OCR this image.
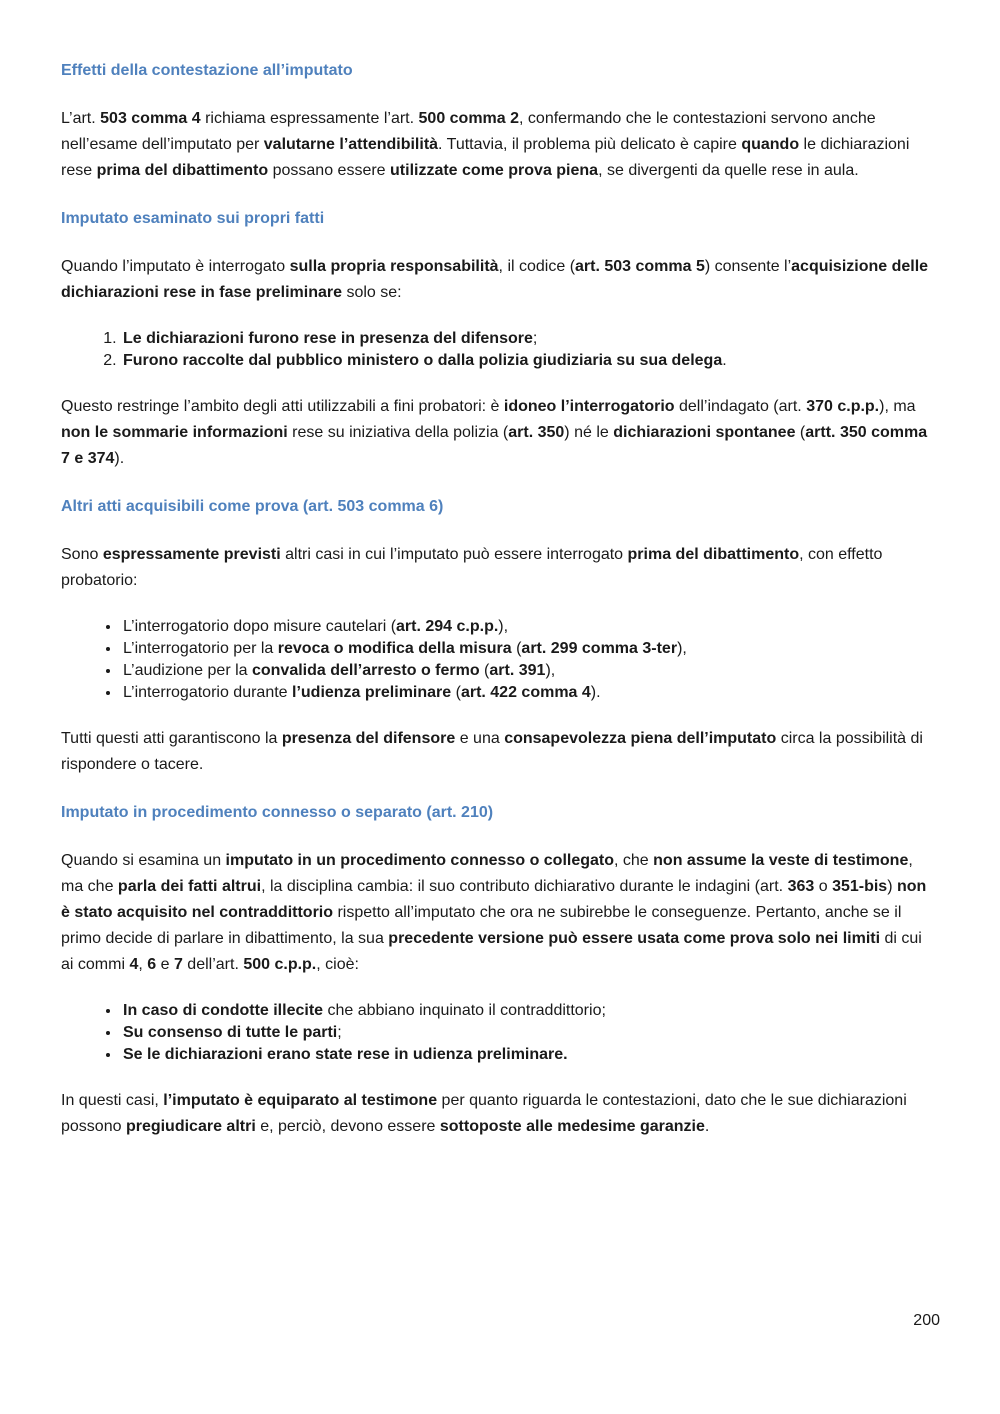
Effetti della contestazione all’imputato

L’art. 503 comma 4 richiama espressamente l’art. 500 comma 2, confermando che le contestazioni servono anche nell’esame dell’imputato per valutarne l’attendibilità. Tuttavia, il problema più delicato è capire quando le dichiarazioni rese prima del dibattimento possano essere utilizzate come prova piena, se divergenti da quelle rese in aula.

Imputato esaminato sui propri fatti

Quando l’imputato è interrogato sulla propria responsabilità, il codice (art. 503 comma 5) consente l’acquisizione delle dichiarazioni rese in fase preliminare solo se:

1. Le dichiarazioni furono rese in presenza del difensore;
2. Furono raccolte dal pubblico ministero o dalla polizia giudiziaria su sua delega.

Questo restringe l’ambito degli atti utilizzabili a fini probatori: è idoneo l’interrogatorio dell’indagato (art. 370 c.p.p.), ma non le sommarie informazioni rese su iniziativa della polizia (art. 350) né le dichiarazioni spontanee (artt. 350 comma 7 e 374).

Altri atti acquisibili come prova (art. 503 comma 6)

Sono espressamente previsti altri casi in cui l’imputato può essere interrogato prima del dibattimento, con effetto probatorio:

• L’interrogatorio dopo misure cautelari (art. 294 c.p.p.),
• L’interrogatorio per la revoca o modifica della misura (art. 299 comma 3-ter),
• L’audizione per la convalida dell’arresto o fermo (art. 391),
• L’interrogatorio durante l’udienza preliminare (art. 422 comma 4).

Tutti questi atti garantiscono la presenza del difensore e una consapevolezza piena dell’imputato circa la possibilità di rispondere o tacere.

Imputato in procedimento connesso o separato (art. 210)

Quando si esamina un imputato in un procedimento connesso o collegato, che non assume la veste di testimone, ma che parla dei fatti altrui, la disciplina cambia: il suo contributo dichiarativo durante le indagini (art. 363 o 351-bis) non è stato acquisito nel contraddittorio rispetto all’imputato che ora ne subirebbe le conseguenze. Pertanto, anche se il primo decide di parlare in dibattimento, la sua precedente versione può essere usata come prova solo nei limiti di cui ai commi 4, 6 e 7 dell’art. 500 c.p.p., cioè:

• In caso di condotte illecite che abbiano inquinato il contraddittorio;
• Su consenso di tutte le parti;
• Se le dichiarazioni erano state rese in udienza preliminare.

In questi casi, l’imputato è equiparato al testimone per quanto riguarda le contestazioni, dato che le sue dichiarazioni possono pregiudicare altri e, perciò, devono essere sottoposte alle medesime garanzie.

200
